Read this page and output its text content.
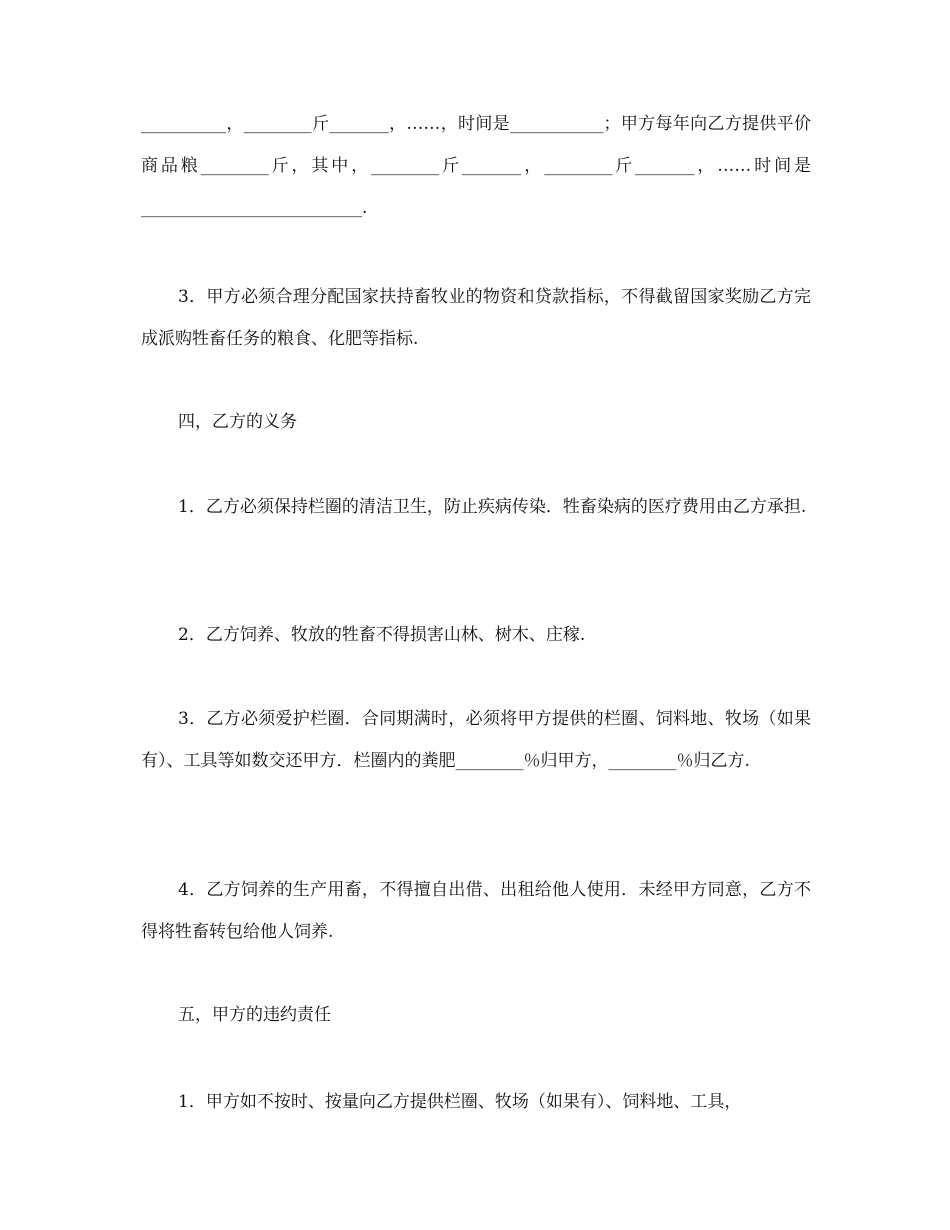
__________，________斤_______，……，时间是___________；甲方每年向乙方提供平价商品粮________斤，其中，________斤_______，________斤_______，……时间是__________________________.

3．甲方必须合理分配国家扶持畜牧业的物资和贷款指标，不得截留国家奖励乙方完成派购牲畜任务的粮食、化肥等指标.

四，乙方的义务

1．乙方必须保持栏圈的清洁卫生，防止疾病传染．牲畜染病的医疗费用由乙方承担.

2．乙方饲养、牧放的牲畜不得损害山林、树木、庄稼.

3．乙方必须爱护栏圈．合同期满时，必须将甲方提供的栏圈、饲料地、牧场（如果有）、工具等如数交还甲方．栏圈内的粪肥________％归甲方，________％归乙方.

4．乙方饲养的生产用畜，不得擅自出借、出租给他人使用．未经甲方同意，乙方不得将牲畜转包给他人饲养.

五，甲方的违约责任

1．甲方如不按时、按量向乙方提供栏圈、牧场（如果有）、饲料地、工具，
